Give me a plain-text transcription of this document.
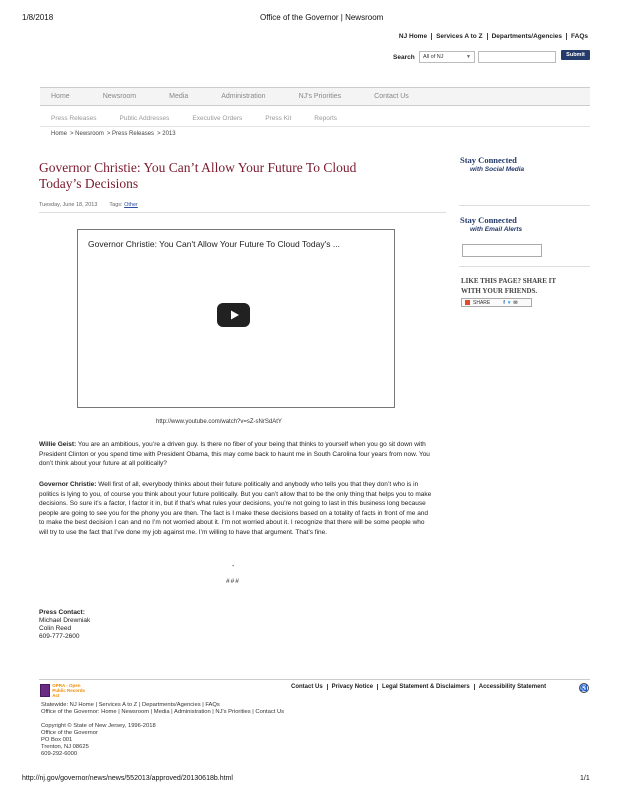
1/8/2018	Office of the Governor | Newsroom
NJ Home	Services A to Z	Departments/Agencies	FAQs
Search All of NJ	▼	Submit
Home	Newsroom	Media	Administration	NJ's Priorities	Contact Us
Press Releases	Public Addresses	Executive Orders	Press Kit	Reports
Home > Newsroom > Press Releases > 2013
Governor Christie: You Can’t Allow Your Future To Cloud Today’s Decisions
Tuesday, June 18, 2013 Tags: Other
Governor Christie: You Can't Allow Your Future To Cloud Today's ...
http://www.youtube.com/watch?v=sZ-sNrSdAtY

Willie Geist: You are an ambitious, you’re a driven guy. Is there no fiber of your being that thinks to yourself when you go sit down with President Clinton or you spend time with President Obama, this may come back to haunt me in South Carolina four years from now. You don’t think about your future at all politically?

Governor Christie: Well first of all, everybody thinks about their future politically and anybody who tells you that they don’t who is in politics is lying to you, of course you think about your future politically. But you can’t allow that to be the only thing that helps you to make decisions. So sure it’s a factor, I factor it in, but if that’s what rules your decisions, you’re not going to last in this business long because people are going to see you for the phony you are then. The fact is I make these decisions based on a totality of facts in front of me and to make the best decision I can and no I’m not worried about it. I’m not worried about it. I recognize that there will be some people who will try to use the fact that I’ve done my job against me. I’m willing to have that argument. That’s fine.

-
###
Press Contact:
Michael Drewniak
Colin Reed
609-777-2600
Stay Connected
with Social Media
Stay Connected
with Email Alerts
LIKE THIS PAGE? SHARE IT
WITH YOUR FRIENDS.
SHARE	f ▾ ✉
OPRA - Open
Public Records Act
Contact Us	Privacy Notice	Legal Statement & Disclaimers	Accessibility Statement	♿
Statewide: NJ Home | Services A to Z | Departments/Agencies | FAQs
Office of the Governor: Home | Newsroom | Media | Administration | NJ's Priorities | Contact Us
Copyright © State of New Jersey, 1996-2018
Office of the Governor
PO Box 001
Trenton, NJ 08625
609-292-6000
http://nj.gov/governor/news/news/552013/approved/20130618b.html	1/1
